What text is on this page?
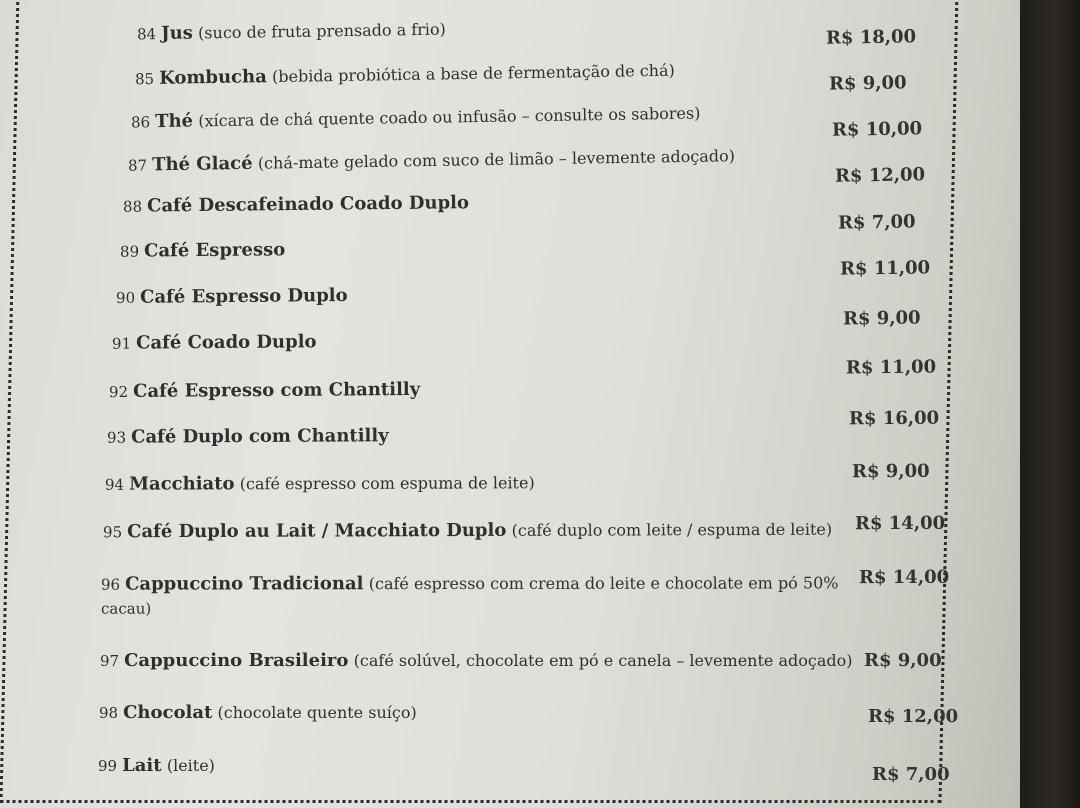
84 Jus (suco de fruta prensado a frio)
85 Kombucha (bebida probiótica a base de fermentação de chá)
86 Thé (xícara de chá quente coado ou infusão – consulte os sabores)
87 Thé Glacé (chá-mate gelado com suco de limão – levemente adoçado)
88 Café Descafeinado Coado Duplo
89 Café Espresso
90 Café Espresso Duplo
91 Café Coado Duplo
92 Café Espresso com Chantilly
93 Café Duplo com Chantilly
94 Macchiato (café espresso com espuma de leite)
95 Café Duplo au Lait / Macchiato Duplo (café duplo com leite / espuma de leite)
96 Cappuccino Tradicional (café espresso com crema do leite e chocolate em pó 50%
cacau)
97 Cappuccino Brasileiro (café solúvel, chocolate em pó e canela – levemente adoçado)
98 Chocolat (chocolate quente suíço)
99 Lait (leite)
R$ 18,00
R$ 9,00
R$ 10,00
R$ 12,00
R$ 7,00
R$ 11,00
R$ 9,00
R$ 11,00
R$ 16,00
R$ 9,00
R$ 14,00
R$ 14,00
R$ 9,00
R$ 12,00
R$ 7,00
